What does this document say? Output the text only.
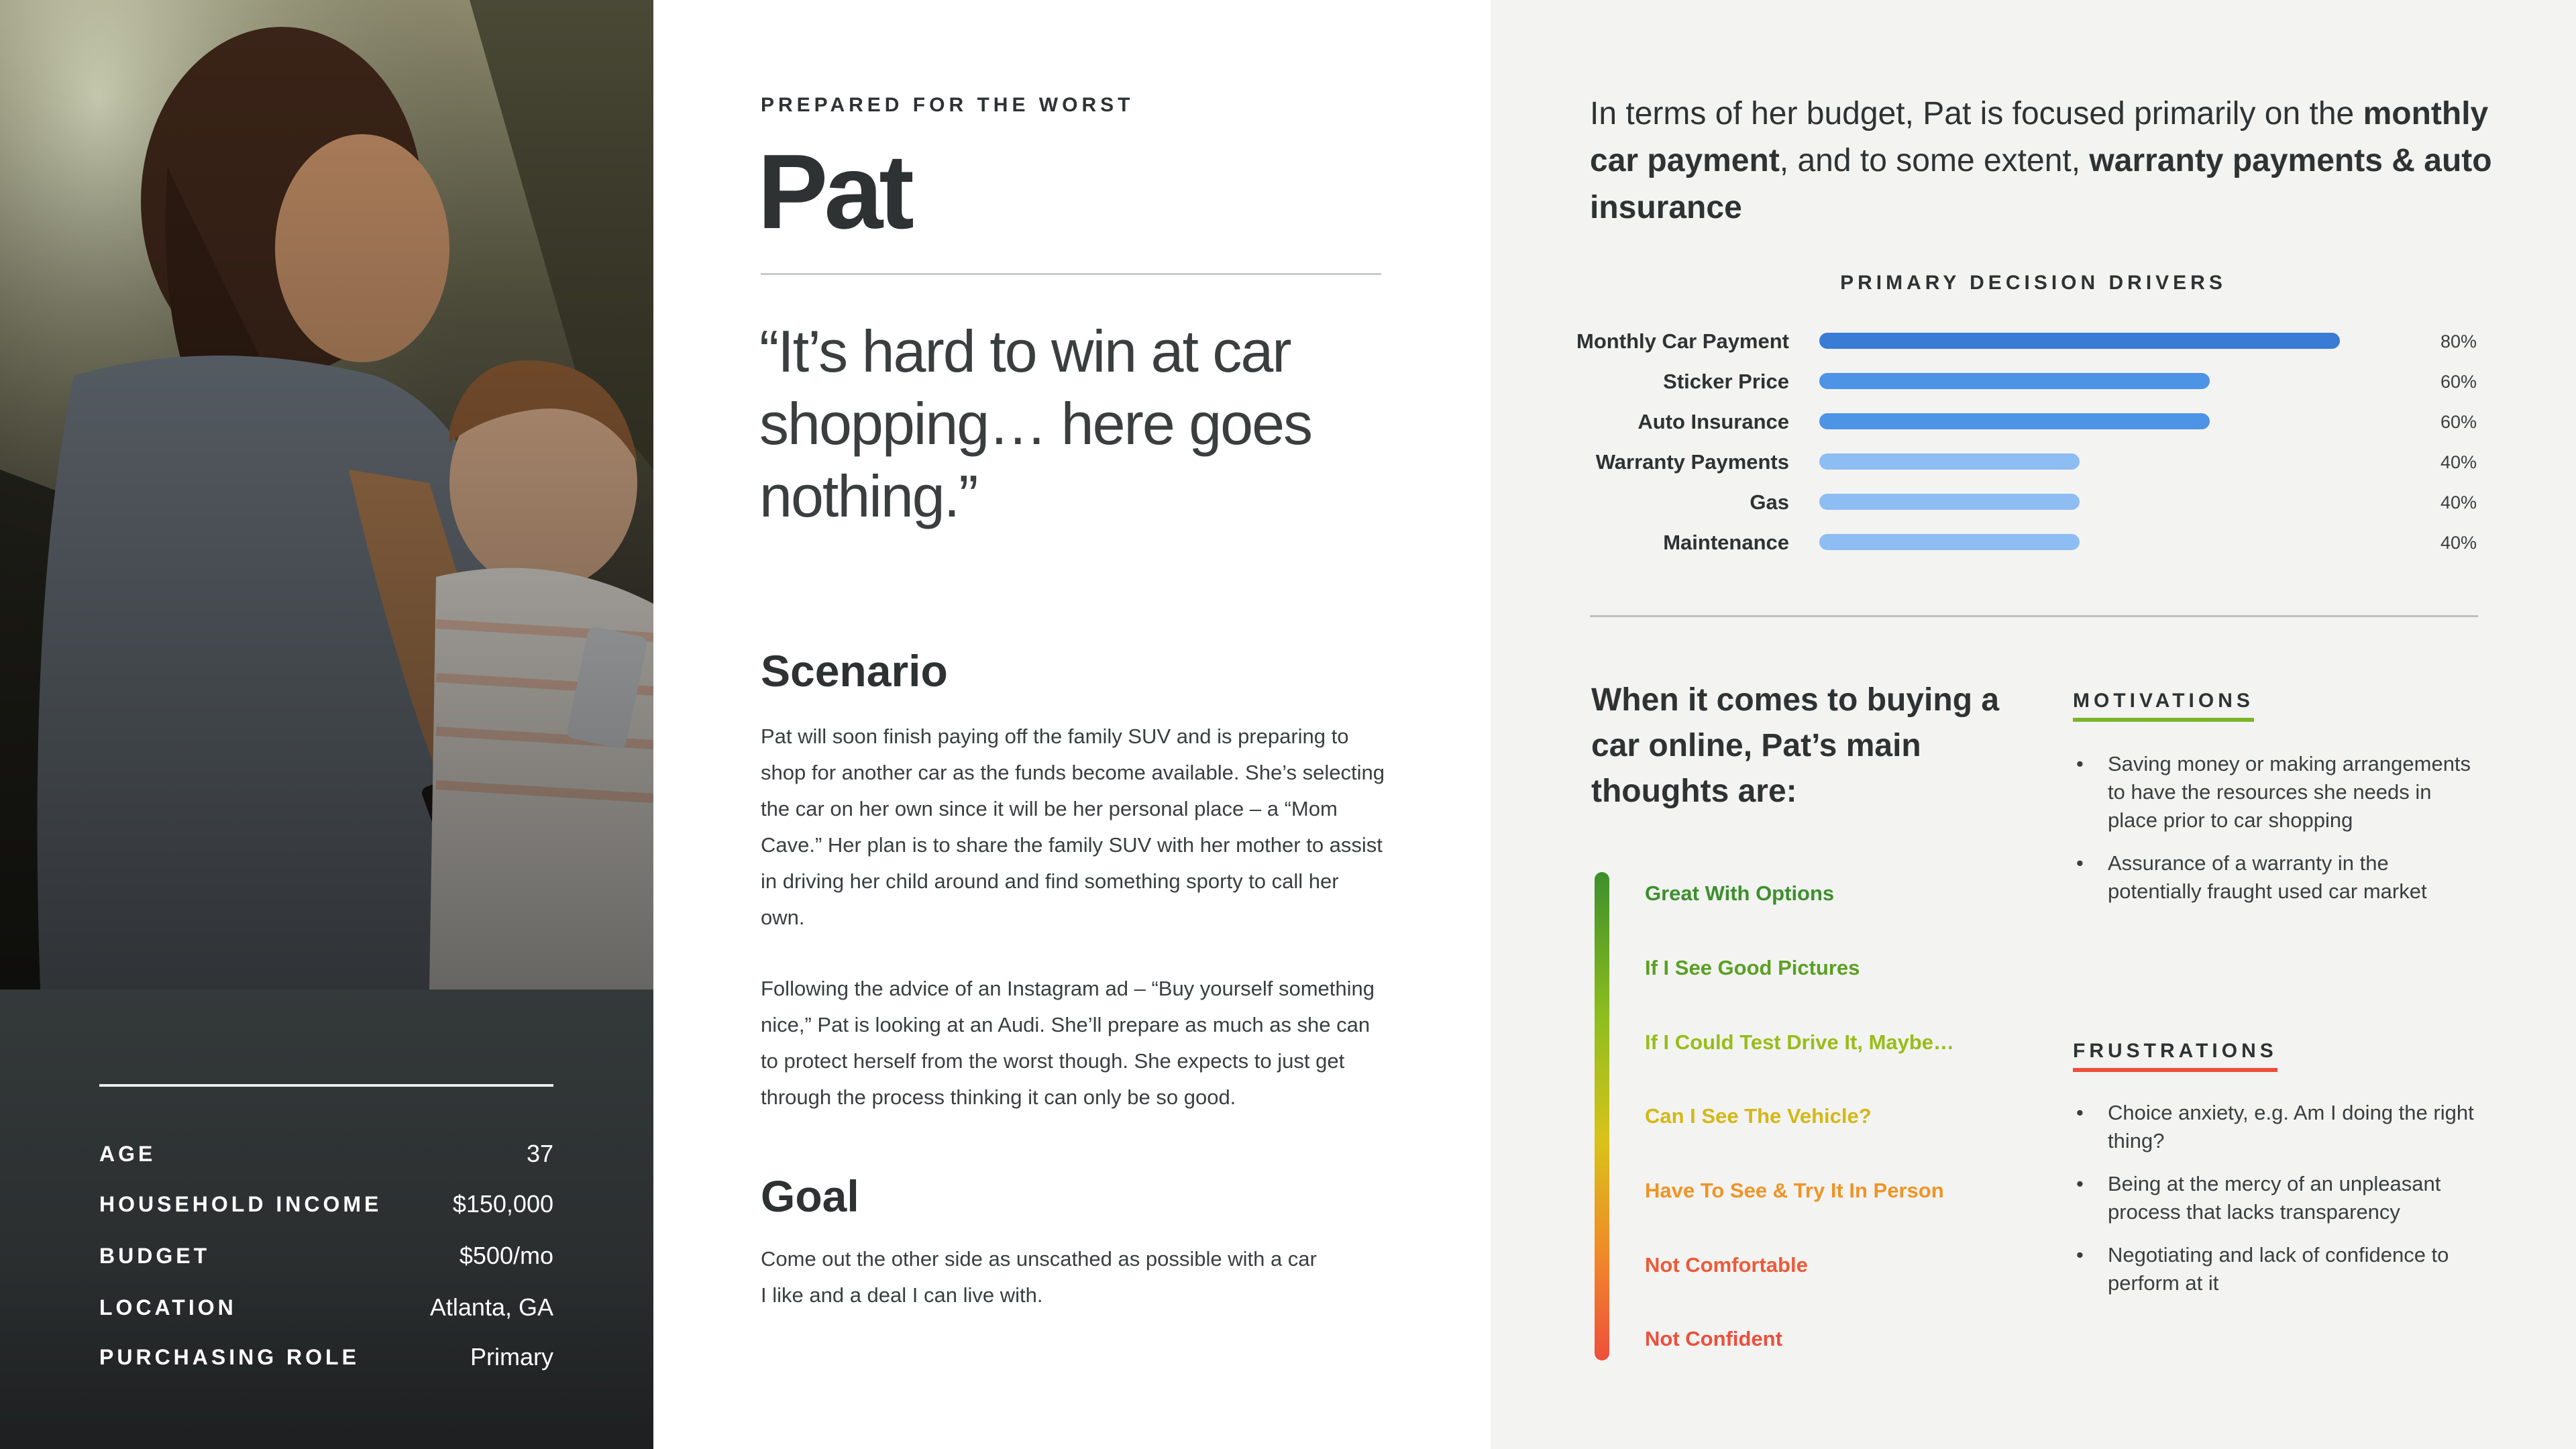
AGE	37
HOUSEHOLD INCOME	$150,000
BUDGET	$500/mo
LOCATION	Atlanta, GA
PURCHASING ROLE	Primary
PREPARED FOR THE WORST
Pat
“It’s hard to win at car shopping… here goes nothing.”
Scenario
Pat will soon finish paying off the family SUV and is preparing to shop for another car as the funds become available. She’s selecting the car on her own since it will be her personal place – a “Mom Cave.” Her plan is to share the family SUV with her mother to assist in driving her child around and find something sporty to call her own.
Following the advice of an Instagram ad – “Buy yourself something nice,” Pat is looking at an Audi. She’ll prepare as much as she can to protect herself from the worst though. She expects to just get through the process thinking it can only be so good.
Goal
Come out the other side as unscathed as possible with a car I like and a deal I can live with.
In terms of her budget, Pat is focused primarily on the monthly car payment, and to some extent, warranty payments & auto insurance
PRIMARY DECISION DRIVERS
Monthly Car Payment	80%
Sticker Price	60%
Auto Insurance	60%
Warranty Payments	40%
Gas	40%
Maintenance	40%
When it comes to buying a car online, Pat’s main thoughts are:
Great With Options
If I See Good Pictures
If I Could Test Drive It, Maybe…
Can I See The Vehicle?
Have To See & Try It In Person
Not Comfortable
Not Confident
MOTIVATIONS
• Saving money or making arrangements to have the resources she needs in place prior to car shopping
• Assurance of a warranty in the potentially fraught used car market
FRUSTRATIONS
• Choice anxiety, e.g. Am I doing the right thing?
• Being at the mercy of an unpleasant process that lacks transparency
• Negotiating and lack of confidence to perform at it
